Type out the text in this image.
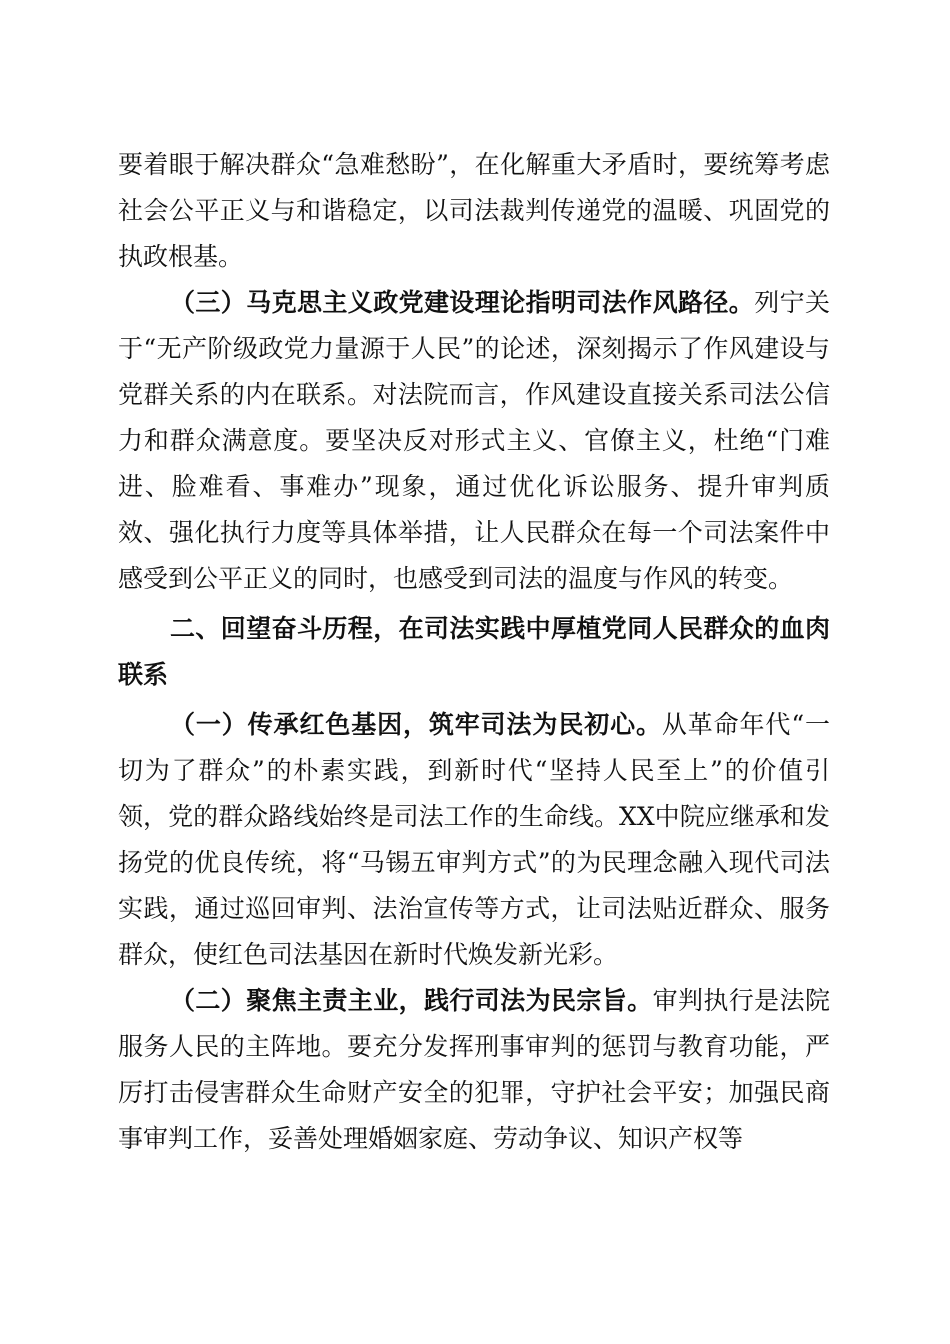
要着眼于解决群众“急难愁盼”，在化解重大矛盾时，要统筹考虑社会公平正义与和谐稳定，以司法裁判传递党的温暖、巩固党的执政根基。

（三）马克思主义政党建设理论指明司法作风路径。列宁关于“无产阶级政党力量源于人民”的论述，深刻揭示了作风建设与党群关系的内在联系。对法院而言，作风建设直接关系司法公信力和群众满意度。要坚决反对形式主义、官僚主义，杜绝“门难进、脸难看、事难办”现象，通过优化诉讼服务、提升审判质效、强化执行力度等具体举措，让人民群众在每一个司法案件中感受到公平正义的同时，也感受到司法的温度与作风的转变。

二、回望奋斗历程，在司法实践中厚植党同人民群众的血肉联系

（一）传承红色基因，筑牢司法为民初心。从革命年代“一切为了群众”的朴素实践，到新时代“坚持人民至上”的价值引领，党的群众路线始终是司法工作的生命线。XX中院应继承和发扬党的优良传统，将“马锡五审判方式”的为民理念融入现代司法实践，通过巡回审判、法治宣传等方式，让司法贴近群众、服务群众，使红色司法基因在新时代焕发新光彩。

（二）聚焦主责主业，践行司法为民宗旨。审判执行是法院服务人民的主阵地。要充分发挥刑事审判的惩罚与教育功能，严厉打击侵害群众生命财产安全的犯罪，守护社会平安；加强民商事审判工作，妥善处理婚姻家庭、劳动争议、知识产权等
